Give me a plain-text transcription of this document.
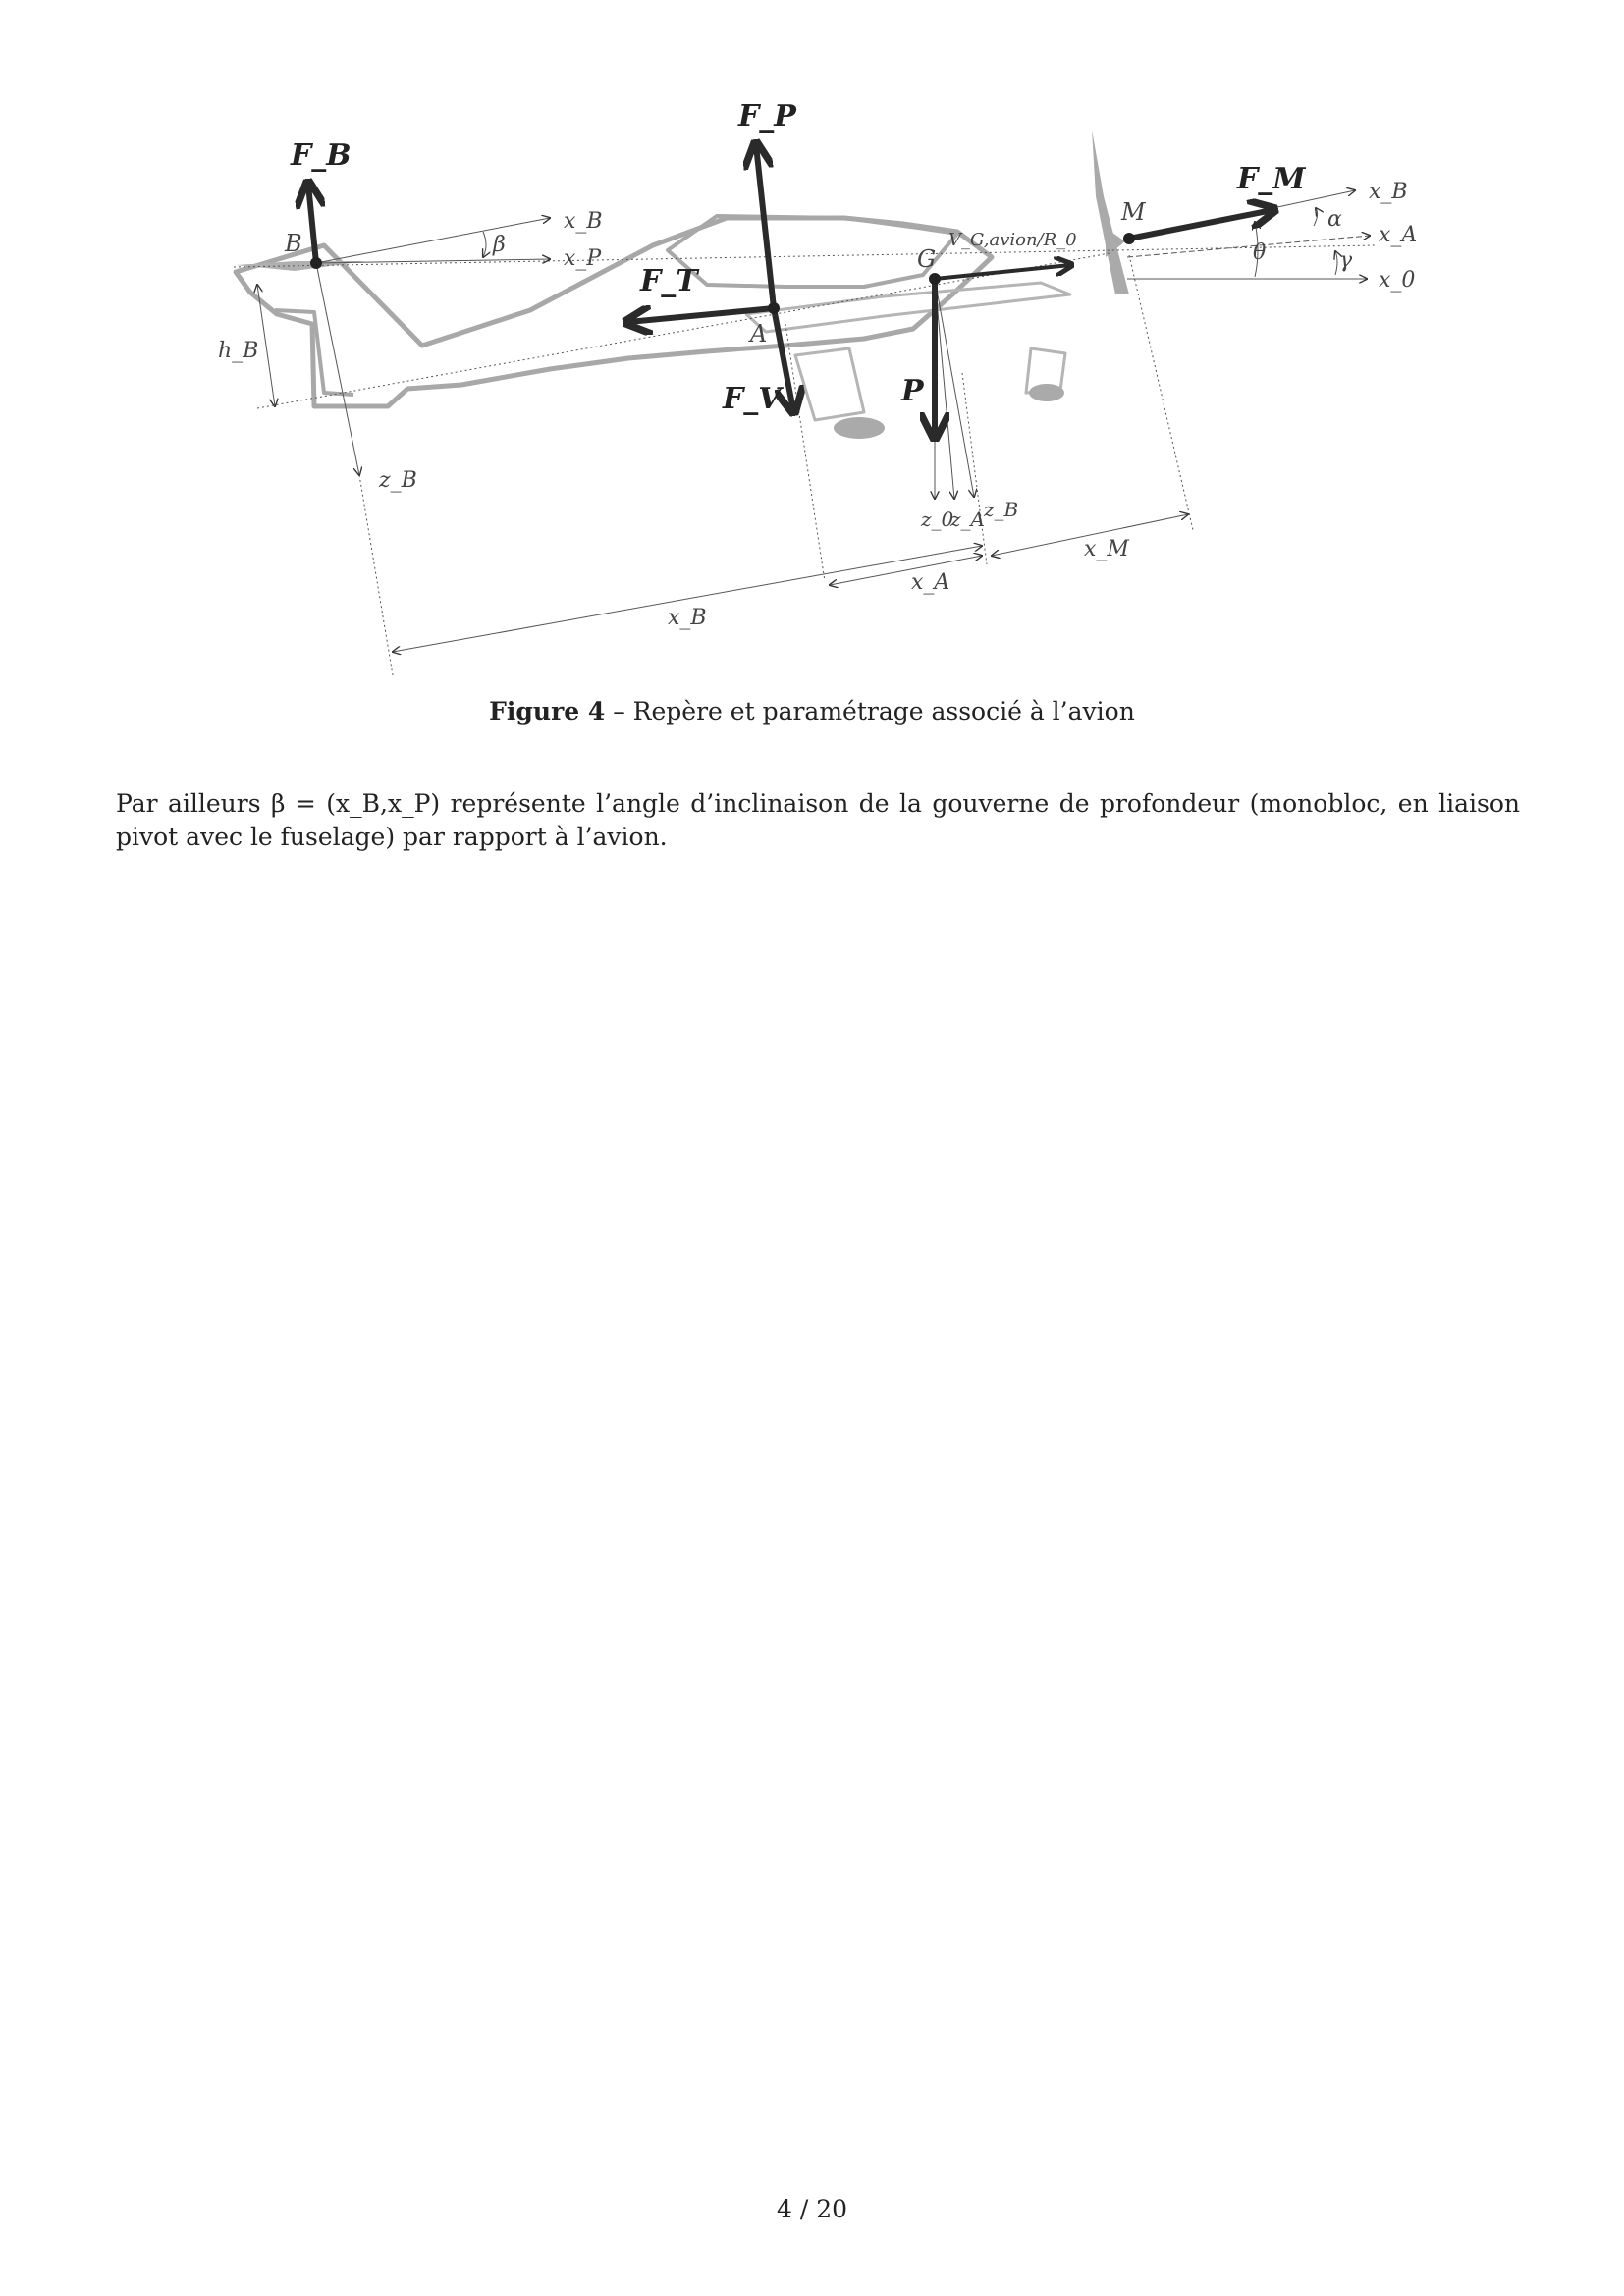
F_B
F_P
F_T
F_V	P
F_M
B
A
G
M
x_B
x_P
β
h_B
z_B
z_0
z_A z_B
V_G,avion/R_0
x_B
x_A
x_0
α
γ
θ
x_B
x_A
x_M
Figure 4 – Repère et paramétrage associé à l’avion
Par ailleurs β = (x_B,x_P) représente l’angle d’inclinaison de la gouverne de profondeur (monobloc, en liaison pivot avec le fuselage) par rapport à l’avion.
4 / 20
